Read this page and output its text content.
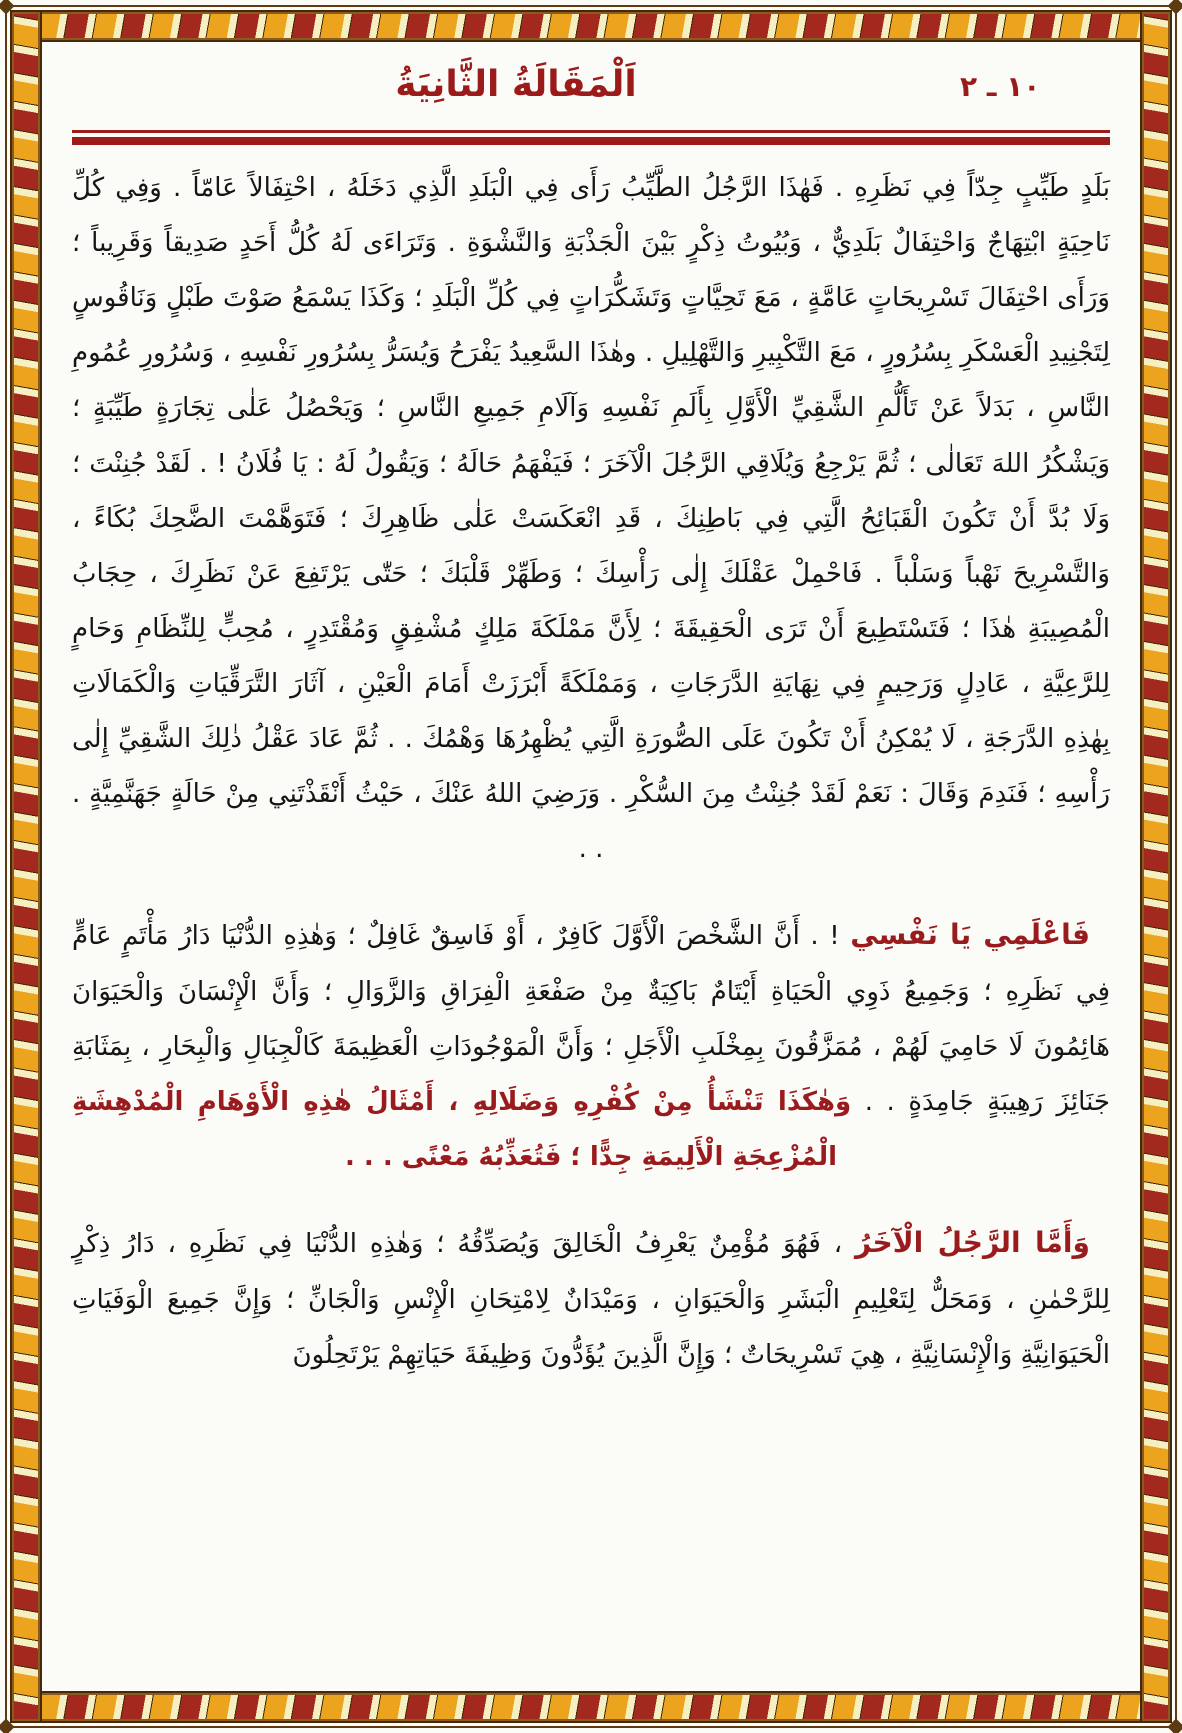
١٠ ـ ٢
اَلْمَقَالَةُ الثَّانِيَةُ

بَلَدٍ طَيِّبٍ جِدّاً فِي نَظَرِهِ . فَهٰذَا الرَّجُلُ الطَّيِّبُ رَأَى فِي الْبَلَدِ الَّذِي دَخَلَهُ ، احْتِفَالاً عَامّاً . وَفِي كُلِّ نَاحِيَةٍ ابْتِهَاجٌ وَاحْتِفَالٌ بَلَدِيٌّ ، وَبُيُوتُ ذِكْرٍ بَيْنَ الْجَذْبَةِ وَالنَّشْوَةِ . وَتَرَاءَى لَهُ كُلُّ أَحَدٍ صَدِيقاً وَقَرِيباً ؛ وَرَأَى احْتِفَالَ تَسْرِيحَاتٍ عَامَّةٍ ، مَعَ تَحِيَّاتٍ وَتَشَكُّرَاتٍ فِي كُلِّ الْبَلَدِ ؛ وَكَذَا يَسْمَعُ صَوْتَ طَبْلٍ وَنَاقُوسٍ لِتَجْنِيدِ الْعَسْكَرِ بِسُرُورٍ ، مَعَ التَّكْبِيرِ وَالتَّهْلِيلِ . وهٰذَا السَّعِيدُ يَفْرَحُ وَيُسَرُّ بِسُرُورِ نَفْسِهِ ، وَسُرُورِ عُمُومِ النَّاسِ ، بَدَلاً عَنْ تَأَلُّمِ الشَّقِيِّ الْأَوَّلِ بِأَلَمِ نَفْسِهِ وَآلَامِ جَمِيعِ النَّاسِ ؛ وَيَحْصُلُ عَلٰى تِجَارَةٍ طَيِّبَةٍ ؛ وَيَشْكُرُ اللهَ تَعَالٰى ؛ ثُمَّ يَرْجِعُ وَيُلَاقِي الرَّجُلَ الْآخَرَ ؛ فَيَفْهَمُ حَالَهُ ؛ وَيَقُولُ لَهُ : يَا فُلَانُ ! . لَقَدْ جُنِنْتَ ؛ وَلَا بُدَّ أَنْ تَكُونَ الْقَبَائِحُ الَّتِي فِي بَاطِنِكَ ، قَدِ انْعَكَسَتْ عَلٰى ظَاهِرِكَ ؛ فَتَوَهَّمْتَ الضَّحِكَ بُكَاءً ، وَالتَّسْرِيحَ نَهْباً وَسَلْباً . فَاحْمِلْ عَقْلَكَ إِلٰى رَأْسِكَ ؛ وَطَهِّرْ قَلْبَكَ ؛ حَتّٰى يَرْتَفِعَ عَنْ نَظَرِكَ ، حِجَابُ الْمُصِيبَةِ هٰذَا ؛ فَتَسْتَطِيعَ أَنْ تَرَى الْحَقِيقَةَ ؛ لِأَنَّ مَمْلَكَةَ مَلِكٍ مُشْفِقٍ وَمُقْتَدِرٍ ، مُحِبٍّ لِلنِّظَامِ وَحَامٍ لِلرَّعِيَّةِ ، عَادِلٍ وَرَحِيمٍ فِي نِهَايَةِ الدَّرَجَاتِ ، وَمَمْلَكَةً أَبْرَزَتْ أَمَامَ الْعَيْنِ ، آثَارَ التَّرَقِّيَاتِ وَالْكَمَالَاتِ بِهٰذِهِ الدَّرَجَةِ ، لَا يُمْكِنُ أَنْ تَكُونَ عَلَى الصُّورَةِ الَّتِي يُظْهِرُهَا وَهْمُكَ . . ثُمَّ عَادَ عَقْلُ ذٰلِكَ الشَّقِيِّ إِلٰى رَأْسِهِ ؛ فَنَدِمَ وَقَالَ : نَعَمْ لَقَدْ جُنِنْتُ مِنَ السُّكْرِ . وَرَضِيَ اللهُ عَنْكَ ، حَيْثُ أَنْقَذْتَنِي مِنْ حَالَةٍ جَهَنَّمِيَّةٍ . . .

فَاعْلَمِي يَا نَفْسِي ! . أَنَّ الشَّخْصَ الْأَوَّلَ كَافِرٌ ، أَوْ فَاسِقٌ غَافِلٌ ؛ وَهٰذِهِ الدُّنْيَا دَارُ مَأْتَمٍ عَامٍّ فِي نَظَرِهِ ؛ وَجَمِيعُ ذَوِي الْحَيَاةِ أَيْتَامٌ بَاكِيَةٌ مِنْ صَفْعَةِ الْفِرَاقِ وَالزَّوَالِ ؛ وَأَنَّ الْإِنْسَانَ وَالْحَيَوَانَ هَائِمُونَ لَا حَامِيَ لَهُمْ ، مُمَزَّقُونَ بِمِخْلَبِ الْأَجَلِ ؛ وَأَنَّ الْمَوْجُودَاتِ الْعَظِيمَةَ كَالْجِبَالِ وَالْبِحَارِ ، بِمَثَابَةِ جَنَائِزَ رَهِيبَةٍ جَامِدَةٍ . . وَهٰكَذَا تَنْشَأُ مِنْ كُفْرِهِ وَضَلَالِهِ ، أَمْثَالُ هٰذِهِ الْأَوْهَامِ الْمُدْهِشَةِ الْمُزْعِجَةِ الْأَلِيمَةِ جِدًّا ؛ فَتُعَذِّبُهُ مَعْنًى . . .

وَأَمَّا الرَّجُلُ الْآخَرُ ، فَهُوَ مُؤْمِنٌ يَعْرِفُ الْخَالِقَ وَيُصَدِّقُهُ ؛ وَهٰذِهِ الدُّنْيَا فِي نَظَرِهِ ، دَارُ ذِكْرٍ لِلرَّحْمٰنِ ، وَمَحَلٌّ لِتَعْلِيمِ الْبَشَرِ وَالْحَيَوَانِ ، وَمَيْدَانٌ لِامْتِحَانِ الْإِنْسِ وَالْجَانِّ ؛ وَإِنَّ جَمِيعَ الْوَفَيَاتِ الْحَيَوَانِيَّةِ وَالْإِنْسَانِيَّةِ ، هِيَ تَسْرِيحَاتٌ ؛ وَإِنَّ الَّذِينَ يُؤَدُّونَ وَظِيفَةَ حَيَاتِهِمْ يَرْتَحِلُونَ
